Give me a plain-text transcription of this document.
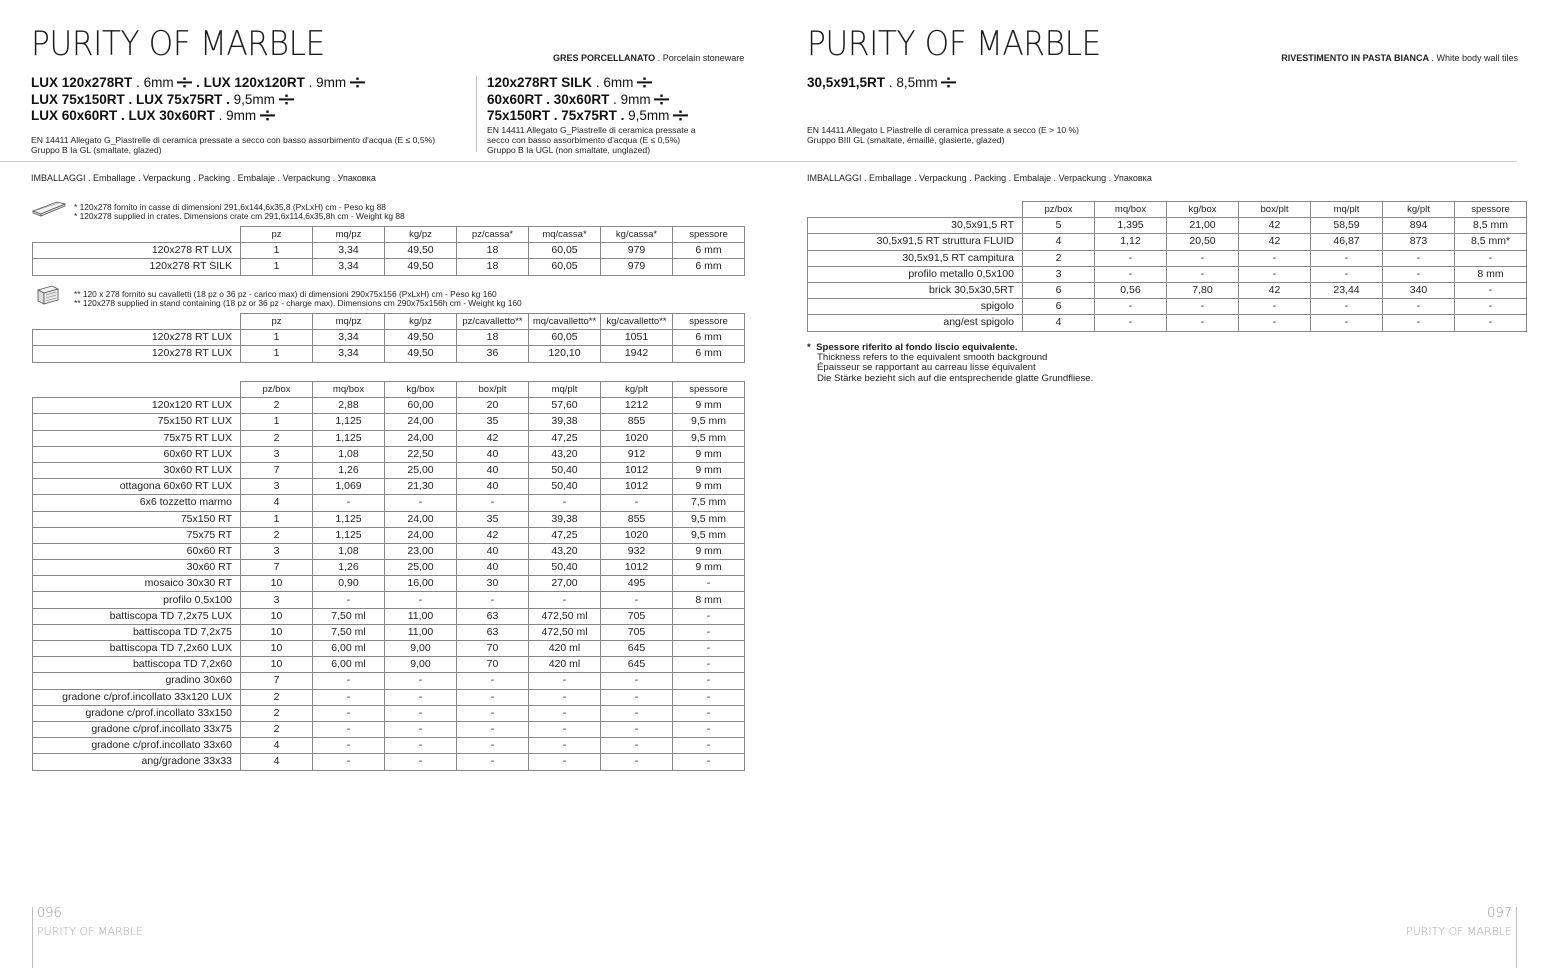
PURITY OF MARBLE	GRES PORCELLANATO . Porcelain stoneware
LUX 120x278RT . 6mm  . LUX 120x120RT . 9mm
LUX 75x150RT . LUX 75x75RT . 9,5mm
LUX 60x60RT . LUX 30x60RT . 9mm
EN 14411 Allegato G_Piastrelle di ceramica pressate a secco con basso assorbimento d'acqua (E ≤ 0,5%)
Gruppo B Ia GL (smaltate, glazed)
120x278RT SILK . 6mm
60x60RT . 30x60RT . 9mm
75x150RT . 75x75RT . 9,5mm
EN 14411 Allegato G_Piastrelle di ceramica pressate a
secco con basso assorbimento d'acqua (E ≤ 0,5%)
Gruppo B Ia UGL (non smaltate, unglazed)
IMBALLAGGI . Emballage . Verpackung . Packing . Embalaje . Verpackung . Упаковка
* 120x278 fornito in casse di dimensioni 291,6x144,6x35,8 (PxLxH) cm - Peso kg 88
* 120x278 supplied in crates. Dimensions crate cm 291,6x114,6x35,8h cm - Weight kg 88
	pz	mq/pz	kg/pz	pz/cassa*	mq/cassa*	kg/cassa*	spessore
120x278 RT LUX	1	3,34	49,50	18	60,05	979	6 mm
120x278 RT SILK	1	3,34	49,50	18	60,05	979	6 mm
** 120 x 278 fornito su cavalletti (18 pz o 36 pz - carico max) di dimensioni 290x75x156 (PxLxH) cm - Peso kg 160
** 120x278 supplied in stand containing (18 pz or 36 pz - charge max). Dimensions cm 290x75x156h cm - Weight kg 160
	pz	mq/pz	kg/pz	pz/cavalletto**	mq/cavalletto**	kg/cavalletto**	spessore
120x278 RT LUX	1	3,34	49,50	18	60,05	1051	6 mm
120x278 RT LUX	1	3,34	49,50	36	120,10	1942	6 mm
	pz/box	mq/box	kg/box	box/plt	mq/plt	kg/plt	spessore
120x120 RT LUX	2	2,88	60,00	20	57,60	1212	9 mm
75x150 RT LUX	1	1,125	24,00	35	39,38	855	9,5 mm
75x75 RT LUX	2	1,125	24,00	42	47,25	1020	9,5 mm
60x60 RT LUX	3	1,08	22,50	40	43,20	912	9 mm
30x60 RT LUX	7	1,26	25,00	40	50,40	1012	9 mm
ottagona 60x60 RT LUX	3	1,069	21,30	40	50,40	1012	9 mm
6x6 tozzetto marmo	4	-	-	-	-	-	7,5 mm
75x150 RT	1	1,125	24,00	35	39,38	855	9,5 mm
75x75 RT	2	1,125	24,00	42	47,25	1020	9,5 mm
60x60 RT	3	1,08	23,00	40	43,20	932	9 mm
30x60 RT	7	1,26	25,00	40	50,40	1012	9 mm
mosaico 30x30 RT	10	0,90	16,00	30	27,00	495	-
profilo 0,5x100	3	-	-	-	-	-	8 mm
battiscopa TD 7,2x75 LUX	10	7,50 ml	11,00	63	472,50 ml	705	-
battiscopa TD 7,2x75	10	7,50 ml	11,00	63	472,50 ml	705	-
battiscopa TD 7,2x60 LUX	10	6,00 ml	9,00	70	420 ml	645	-
battiscopa TD 7,2x60	10	6,00 ml	9,00	70	420 ml	645	-
gradino 30x60	7	-	-	-	-	-	-
gradone c/prof.incollato 33x120 LUX	2	-	-	-	-	-	-
gradone c/prof.incollato 33x150	2	-	-	-	-	-	-
gradone c/prof.incollato 33x75	2	-	-	-	-	-	-
gradone c/prof.incollato 33x60	4	-	-	-	-	-	-
ang/gradone 33x33	4	-	-	-	-	-	-
096
PURITY OF MARBLE
PURITY OF MARBLE	RIVESTIMENTO IN PASTA BIANCA . White body wall tiles
30,5x91,5RT . 8,5mm
EN 14411 Allegato L Piastrelle di ceramica pressate a secco (E > 10 %)
Gruppo BIII GL (smaltate, émaillé, glasierte, glazed)
IMBALLAGGI . Emballage . Verpackung . Packing . Embalaje . Verpackung . Упаковка
	pz/box	mq/box	kg/box	box/plt	mq/plt	kg/plt	spessore
30,5x91,5 RT	5	1,395	21,00	42	58,59	894	8,5 mm
30,5x91,5 RT struttura FLUID	4	1,12	20,50	42	46,87	873	8,5 mm*
30,5x91,5 RT campitura	2	-	-	-	-	-	-
profilo metallo 0,5x100	3	-	-	-	-	-	8 mm
brick 30,5x30,5RT	6	0,56	7,80	42	23,44	340	-
spigolo	6	-	-	-	-	-	-
ang/est spigolo	4	-	-	-	-	-	-
* Spessore riferito al fondo liscio equivalente.
Thickness refers to the equivalent smooth background
Épaisseur se rapportant au carreau lisse équivalent
Die Stärke bezieht sich auf die entsprechende glatte Grundfliese.
097
PURITY OF MARBLE
